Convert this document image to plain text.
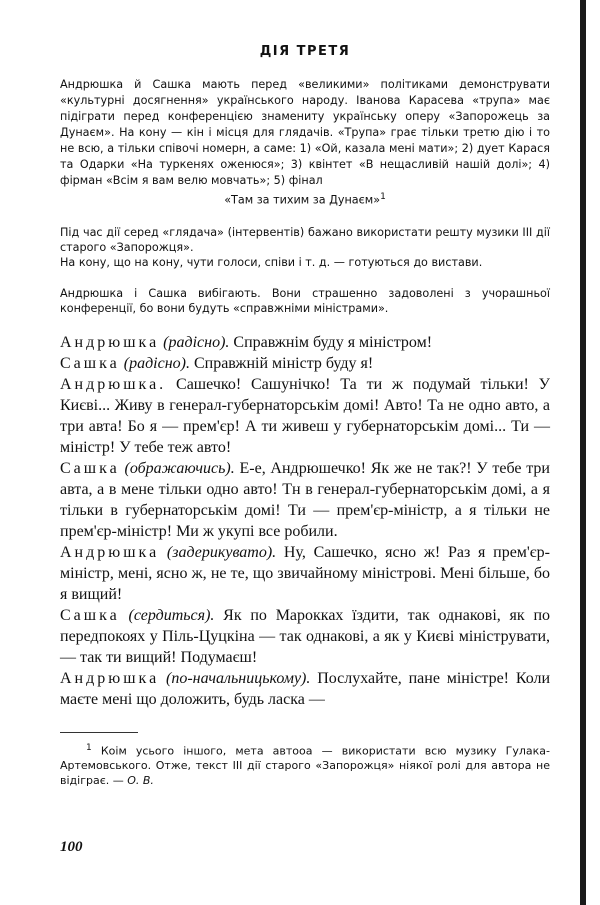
ДІЯ ТРЕТЯ

Андрюшка й Сашка мають перед «великими» політиками демонструвати «культурні досягнення» українського народу. Іванова Карасева «трупа» має підіграти перед конференцією знамениту українську оперу «Запорожець за Дунаєм». На кону — кін і місця для глядачів. «Трупа» грає тільки третю дію і то не всю, а тільки співочі номерн, а саме: 1) «Ой, казала мені мати»; 2) дует Карася та Одарки «На туркенях оженюся»; 3) квінтет «В нещасливій нашій долі»; 4) фірман «Всім я вам велю мовчать»; 5) фінал

«Там за тихим за Дунаєм»$^1$

Під час дії серед «глядача» (інтервентів) бажано використати решту музики III дії старого «Запорожця».

На кону, що на кону, чути голоси, співи і т. д. — готуються до вистави.

Андрюшка і Сашка вибігають. Вони страшенно задоволені з учорашньої конференції, бо вони будуть «справжніми міністрами».

Андрюшка (радісно). Справжнім буду я міністром!

Сашка (радісно). Справжній міністр буду я!

Андрюшка. Сашечко! Сашунічко! Та ти ж подумай тільки! У Києві... Живу в генерал-губернаторськім домі! Авто! Та не одно авто, а три авта! Бо я — прем'єр! А ти живеш у губернаторськім домі... Ти — міністр! У тебе теж авто!

Сашка (ображаючись). Е-е, Андрюшечко! Як же не так?! У тебе три авта, а в мене тільки одно авто! Тн в генерал-губернаторськім домі, а я тільки в губернаторськім домі! Ти — прем'єр-міністр, а я тільки не прем'єр-міністр! Ми ж укупі все робили.

Андрюшка (задерикувато). Ну, Сашечко, ясно ж! Раз я прем'єр-міністр, мені, ясно ж, не те, що звичайному міністрові. Мені більше, бо я вищий!

Сашка (сердиться). Як по Марокках їздити, так однакові, як по передпокоях у Піль-Цуцкіна — так однакові, а як у Києві мініструвати, — так ти вищий! Подумаєш!

Андрюшка (по-начальницькому). Послухайте, пане міністре! Коли маєте мені що доложить, будь ласка —

$^1$ Коім усього іншого, мета автооа — використати всю музику Гулака-Артемовського. Отже, текст III дії старого «Запорожця» ніякої ролі для автора не відіграє. — О. В.

100
